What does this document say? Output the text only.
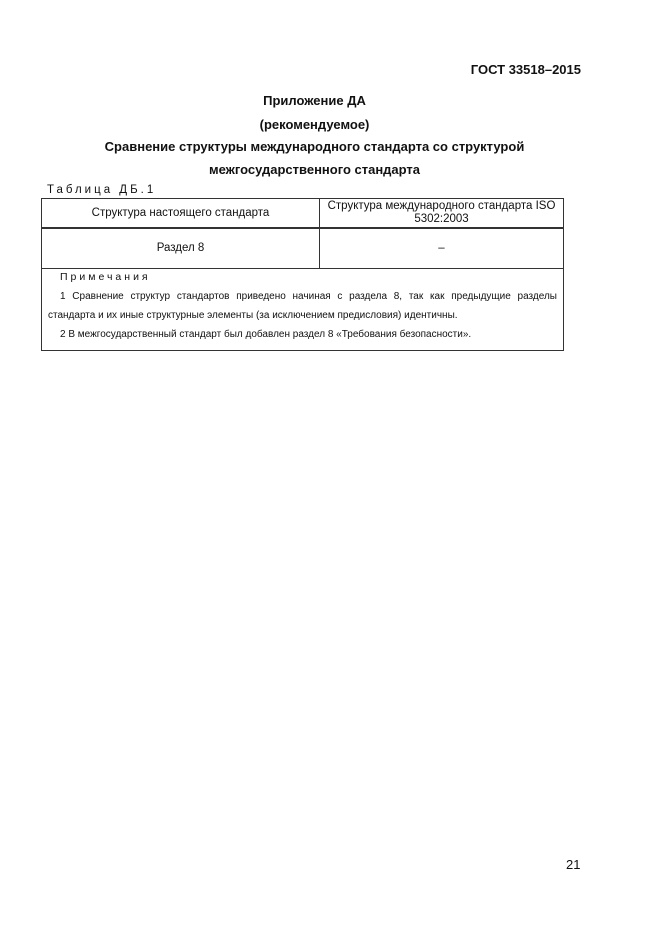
ГОСТ 33518–2015
Приложение ДА
(рекомендуемое)
Сравнение структуры международного стандарта со структурой
межгосударственного стандарта
Таблица ДБ.1
Структура настоящего стандарта	Структура международного стандарта ISO 5302:2003
Раздел 8	–

Примечания
1 Сравнение структур стандартов приведено начиная с раздела 8, так как предыдущие разделы стандарта и их иные структурные элементы (за исключением предисловия) идентичны.
2 В межгосударственный стандарт был добавлен раздел 8 «Требования безопасности».	
21
